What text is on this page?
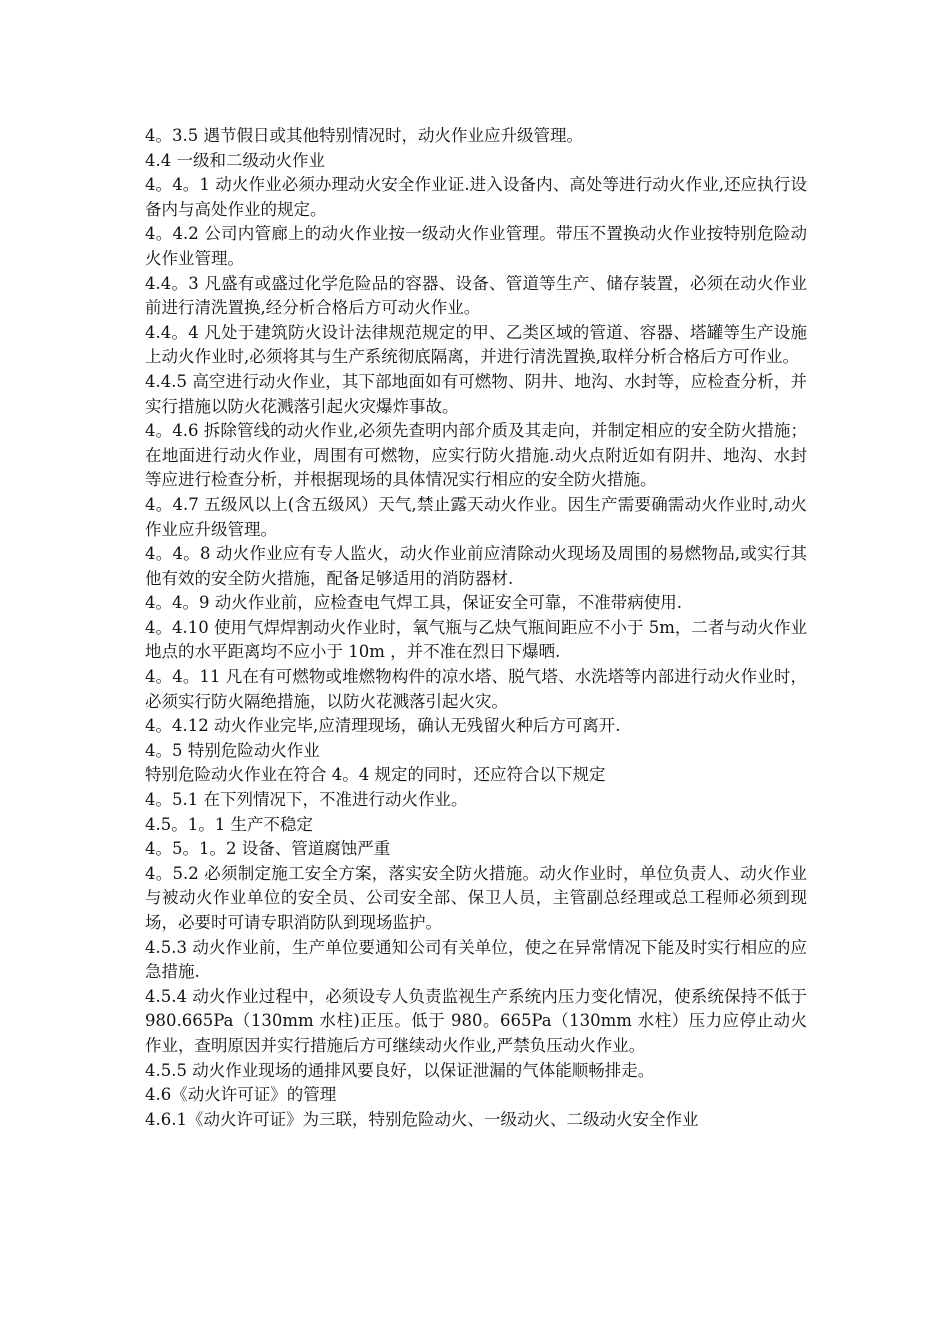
4。3.5 遇节假日或其他特别情况时，动火作业应升级管理。

4.4 一级和二级动火作业

4。4。1 动火作业必须办理动火安全作业证.进入设备内、高处等进行动火作业,还应执行设备内与高处作业的规定。

4。4.2 公司内管廊上的动火作业按一级动火作业管理。带压不置换动火作业按特别危险动火作业管理。

4.4。3 凡盛有或盛过化学危险品的容器、设备、管道等生产、储存装置，必须在动火作业前进行清洗置换,经分析合格后方可动火作业。

4.4。4 凡处于建筑防火设计法律规范规定的甲、乙类区域的管道、容器、塔罐等生产设施上动火作业时,必须将其与生产系统彻底隔离，并进行清洗置换,取样分析合格后方可作业。

4.4.5 高空进行动火作业，其下部地面如有可燃物、阴井、地沟、水封等，应检查分析，并实行措施以防火花溅落引起火灾爆炸事故。

4。4.6 拆除管线的动火作业,必须先查明内部介质及其走向，并制定相应的安全防火措施；在地面进行动火作业，周围有可燃物，应实行防火措施.动火点附近如有阴井、地沟、水封等应进行检查分析，并根据现场的具体情况实行相应的安全防火措施。

4。4.7 五级风以上(含五级风）天气,禁止露天动火作业。因生产需要确需动火作业时,动火作业应升级管理。

4。4。8 动火作业应有专人监火，动火作业前应清除动火现场及周围的易燃物品,或实行其他有效的安全防火措施，配备足够适用的消防器材.

4。4。9 动火作业前，应检查电气焊工具，保证安全可靠，不准带病使用.

4。4.10 使用气焊焊割动火作业时，氧气瓶与乙炔气瓶间距应不小于 5m，二者与动火作业地点的水平距离均不应小于 10m ，并不准在烈日下爆晒.

4。4。11 凡在有可燃物或堆燃物构件的凉水塔、脱气塔、水洗塔等内部进行动火作业时，必须实行防火隔绝措施，以防火花溅落引起火灾。

4。4.12 动火作业完毕,应清理现场，确认无残留火种后方可离开.

4。5 特别危险动火作业

特别危险动火作业在符合 4。4 规定的同时，还应符合以下规定

4。5.1 在下列情况下，不准进行动火作业。

4.5。1。1 生产不稳定

4。5。1。2 设备、管道腐蚀严重

4。5.2 必须制定施工安全方案，落实安全防火措施。动火作业时，单位负责人、动火作业与被动火作业单位的安全员、公司安全部、保卫人员，主管副总经理或总工程师必须到现场，必要时可请专职消防队到现场监护。

4.5.3 动火作业前，生产单位要通知公司有关单位，使之在异常情况下能及时实行相应的应急措施.

4.5.4 动火作业过程中，必须设专人负责监视生产系统内压力变化情况，使系统保持不低于 980.665Pa（130mm 水柱)正压。低于 980。665Pa（130mm 水柱）压力应停止动火作业，查明原因并实行措施后方可继续动火作业,严禁负压动火作业。

4.5.5 动火作业现场的通排风要良好，以保证泄漏的气体能顺畅排走。

4.6《动火许可证》的管理

4.6.1《动火许可证》为三联，特别危险动火、一级动火、二级动火安全作业
